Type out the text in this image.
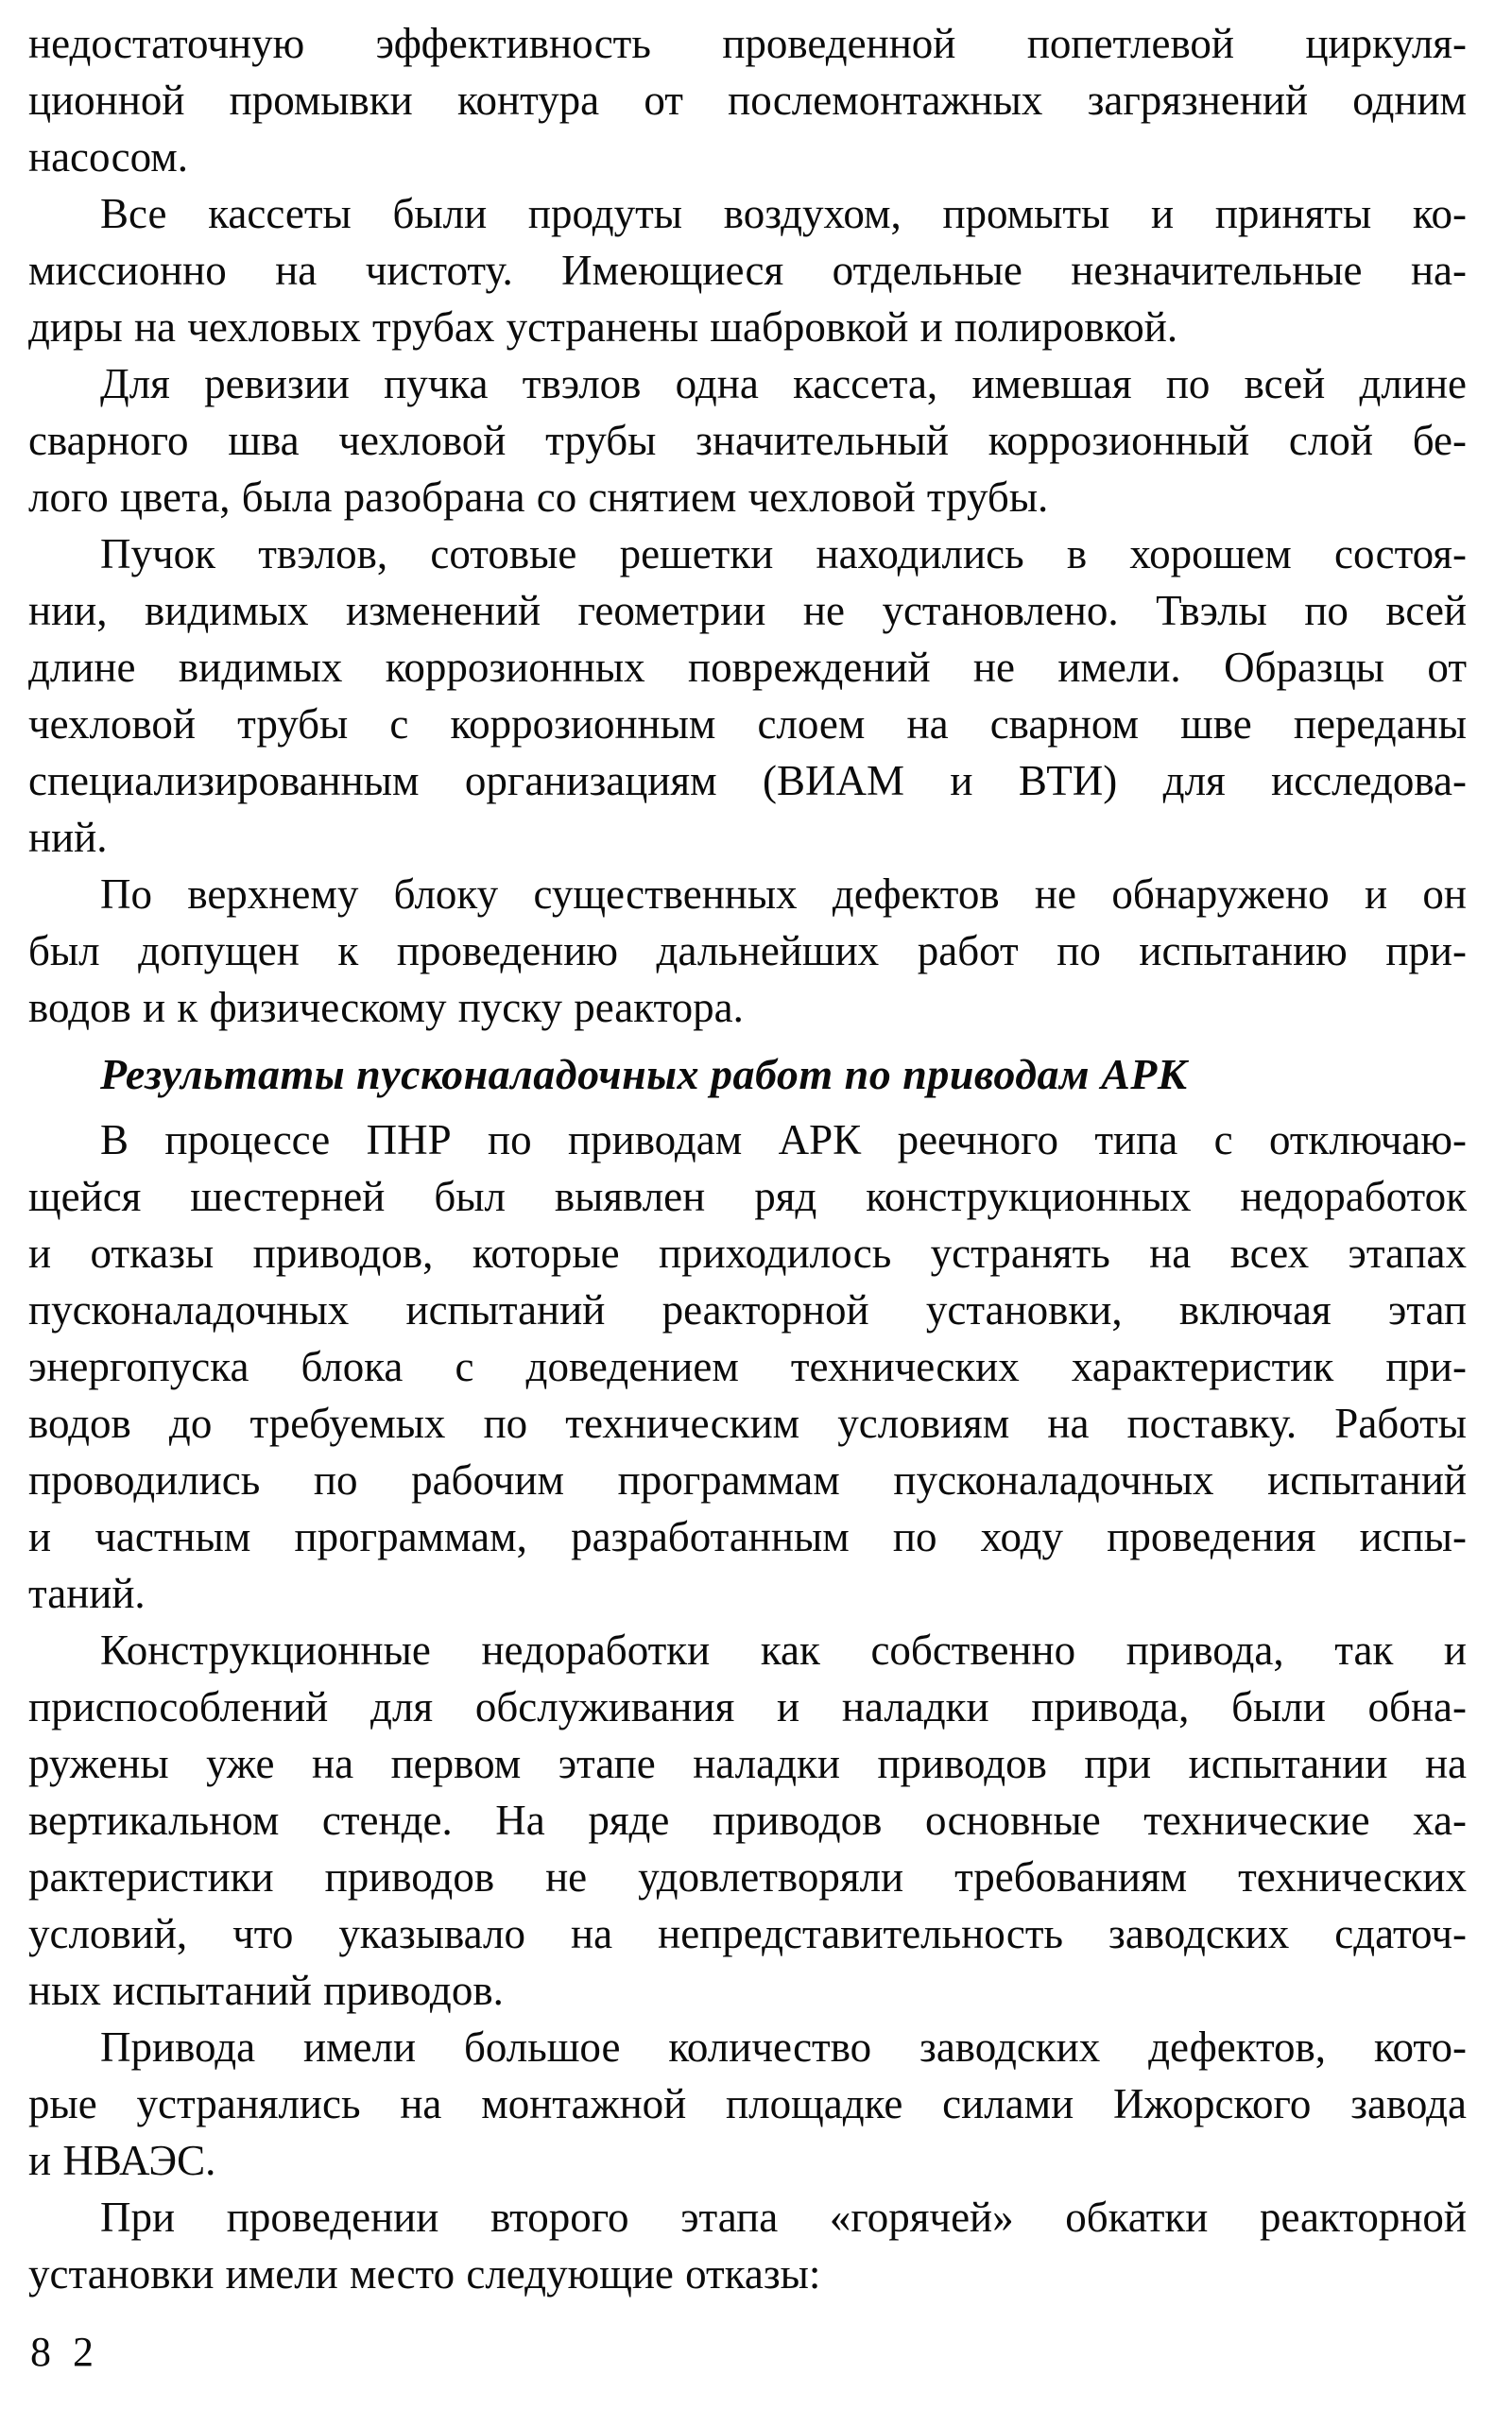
недостаточную эффективность проведенной попетлевой циркуля-
ционной промывки контура от послемонтажных загрязнений одним
насосом.
Все кассеты были продуты воздухом, промыты и приняты ко-
миссионно на чистоту. Имеющиеся отдельные незначительные на-
диры на чехловых трубах устранены шабровкой и полировкой.
Для ревизии пучка твэлов одна кассета, имевшая по всей длине
сварного шва чехловой трубы значительный коррозионный слой бе-
лого цвета, была разобрана со снятием чехловой трубы.
Пучок твэлов, сотовые решетки находились в хорошем состоя-
нии, видимых изменений геометрии не установлено. Твэлы по всей
длине видимых коррозионных повреждений не имели. Образцы от
чехловой трубы с коррозионным слоем на сварном шве переданы
специализированным организациям (ВИАМ и ВТИ) для исследова-
ний.
По верхнему блоку существенных дефектов не обнаружено и он
был допущен к проведению дальнейших работ по испытанию при-
водов и к физическому пуску реактора.
Результаты пусконаладочных работ по приводам АРК
В процессе ПНР по приводам АРК реечного типа с отключаю-
щейся шестерней был выявлен ряд конструкционных недоработок
и отказы приводов, которые приходилось устранять на всех этапах
пусконаладочных испытаний реакторной установки, включая этап
энергопуска блока с доведением технических характеристик при-
водов до требуемых по техническим условиям на поставку. Работы
проводились по рабочим программам пусконаладочных испытаний
и частным программам, разработанным по ходу проведения испы-
таний.
Конструкционные недоработки как собственно привода, так и
приспособлений для обслуживания и наладки привода, были обна-
ружены уже на первом этапе наладки приводов при испытании на
вертикальном стенде. На ряде приводов основные технические ха-
рактеристики приводов не удовлетворяли требованиям технических
условий, что указывало на непредставительность заводских сдаточ-
ных испытаний приводов.
Привода имели большое количество заводских дефектов, кото-
рые устранялись на монтажной площадке силами Ижорского завода
и НВАЭС.
При проведении второго этапа «горячей» обкатки реакторной
установки имели место следующие отказы:
8 2
